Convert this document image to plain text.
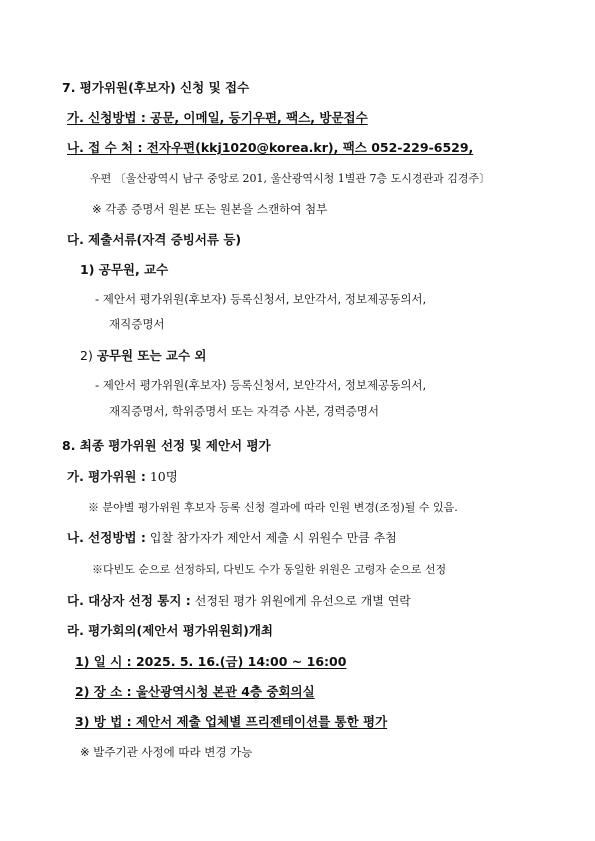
7. 평가위원(후보자) 신청 및 접수
가. 신청방법 : 공문, 이메일, 등기우편, 팩스, 방문접수
나. 접 수 처 : 전자우편(kkj1020@korea.kr), 팩스 052-229-6529,
우편 〔울산광역시 남구 중앙로 201, 울산광역시청 1별관 7층 도시경관과 김경주〕
※ 각종 증명서 원본 또는 원본을 스캔하여 첨부
다. 제출서류(자격 증빙서류 등)
1) 공무원, 교수
- 제안서 평가위원(후보자) 등록신청서, 보안각서, 정보제공동의서,
재직증명서
2) 공무원 또는 교수 외
- 제안서 평가위원(후보자) 등록신청서, 보안각서, 정보제공동의서,
재직증명서, 학위증명서 또는 자격증 사본, 경력증명서
8. 최종 평가위원 선정 및 제안서 평가
가. 평가위원 : 10명
※ 분야별 평가위원 후보자 등록 신청 결과에 따라 인원 변경(조정)될 수 있음.
나. 선정방법 : 입찰 참가자가 제안서 제출 시 위원수 만큼 추첨
※다빈도 순으로 선정하되, 다빈도 수가 동일한 위원은 고령자 순으로 선정
다. 대상자 선정 통지 : 선정된 평가 위원에게 유선으로 개별 연락
라. 평가회의(제안서 평가위원회)개최
1) 일 시 : 2025. 5. 16.(금) 14:00 ~ 16:00
2) 장 소 : 울산광역시청 본관 4층 중회의실
3) 방 법 : 제안서 제출 업체별 프리젠테이션를 통한 평가
※ 발주기관 사정에 따라 변경 가능
